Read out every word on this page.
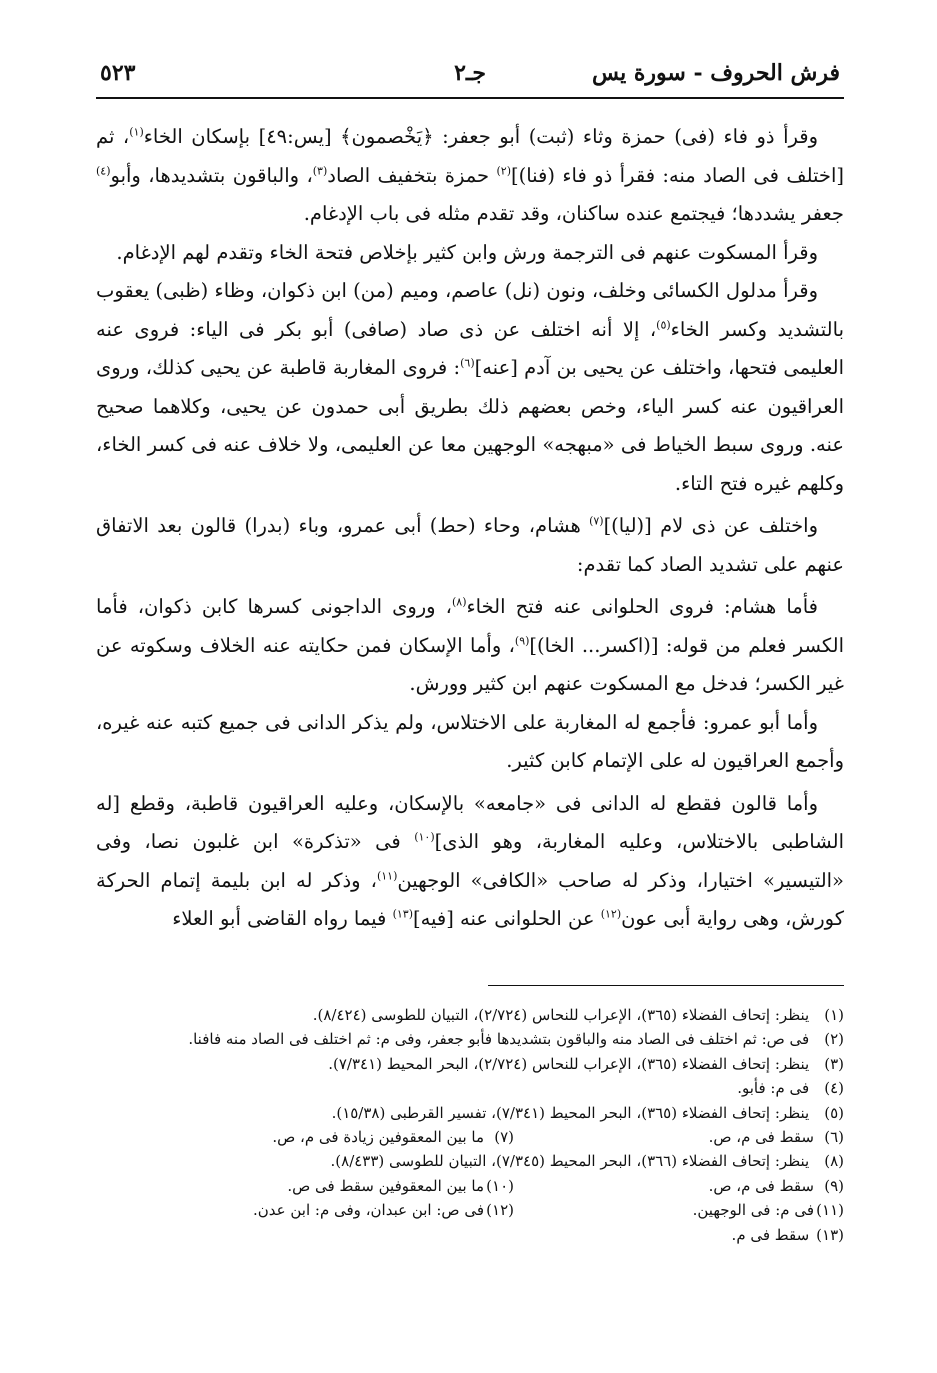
فرش الحروف - سورة يس
جـ٢
٥٢٣

وقرأ ذو فاء (فى) حمزة وثاء (ثبت) أبو جعفر: ﴿يَخْصمون﴾ [يس:٤٩] بإسكان الخاء$^{(١)}$، ثم [اختلف فى الصاد منه: فقرأ ذو فاء (فنا)]$^{(٢)}$ حمزة بتخفيف الصاد$^{(٣)}$، والباقون بتشديدها، وأبو$^{(٤)}$ جعفر يشددها؛ فيجتمع عنده ساكنان، وقد تقدم مثله فى باب الإدغام.

وقرأ المسكوت عنهم فى الترجمة ورش وابن كثير بإخلاص فتحة الخاء وتقدم لهم الإدغام.

وقرأ مدلول الكسائى وخلف، ونون (نل) عاصم، وميم (من) ابن ذكوان، وظاء (ظبى) يعقوب بالتشديد وكسر الخاء$^{(٥)}$، إلا أنه اختلف عن ذى صاد (صافى) أبو بكر فى الياء: فروى عنه العليمى فتحها، واختلف عن يحيى بن آدم [عنه]$^{(٦)}$: فروى المغاربة قاطبة عن يحيى كذلك، وروى العراقيون عنه كسر الياء، وخص بعضهم ذلك بطريق أبى حمدون عن يحيى، وكلاهما صحيح عنه. وروى سبط الخياط فى «مبهجه» الوجهين معا عن العليمى، ولا خلاف عنه فى كسر الخاء، وكلهم غيره فتح التاء.

واختلف عن ذى لام [(ليا)]$^{(٧)}$ هشام، وحاء (حط) أبى عمرو، وباء (بدرا) قالون بعد الاتفاق عنهم على تشديد الصاد كما تقدم:

فأما هشام: فروى الحلوانى عنه فتح الخاء$^{(٨)}$، وروى الداجونى كسرها كابن ذكوان، فأما الكسر فعلم من قوله: [(اكسر... الخا)]$^{(٩)}$، وأما الإسكان فمن حكايته عنه الخلاف وسكوته عن غير الكسر؛ فدخل مع المسكوت عنهم ابن كثير وورش.

وأما أبو عمرو: فأجمع له المغاربة على الاختلاس، ولم يذكر الدانى فى جميع كتبه عنه غيره، وأجمع العراقيون له على الإتمام كابن كثير.

وأما قالون فقطع له الدانى فى «جامعه» بالإسكان، وعليه العراقيون قاطبة، وقطع [له الشاطبى بالاختلاس، وعليه المغاربة، وهو الذى]$^{(١٠)}$ فى «تذكرة» ابن غلبون نصا، وفى «التيسير» اختيارا، وذكر له صاحب «الكافى» الوجهين$^{(١١)}$، وذكر له ابن بليمة إتمام الحركة كورش، وهى رواية أبى عون$^{(١٢)}$ عن الحلوانى عنه [فيه]$^{(١٣)}$ فيما رواه القاضى أبو العلاء

(١) ينظر: إتحاف الفضلاء (٣٦٥)، الإعراب للنحاس (٢/٧٢٤)، التبيان للطوسى (٨/٤٢٤).
(٢) فى ص: ثم اختلف فى الصاد منه والباقون بتشديدها فأبو جعفر، وفى م: ثم اختلف فى الصاد منه فافنا.
(٣) ينظر: إتحاف الفضلاء (٣٦٥)، الإعراب للنحاس (٢/٧٢٤)، البحر المحيط (٧/٣٤١).
(٤) فى م: فأبو.
(٥) ينظر: إتحاف الفضلاء (٣٦٥)، البحر المحيط (٧/٣٤١)، تفسير القرطبى (١٥/٣٨).
(٦)سقط فى م، ص.
(٧)ما بين المعقوفين زيادة فى م، ص.
(٨) ينظر: إتحاف الفضلاء (٣٦٦)، البحر المحيط (٧/٣٤٥)، التبيان للطوسى (٨/٤٣٣).
(٩)سقط فى م، ص.
(١٠)ما بين المعقوفين سقط فى ص.
(١١)فى م: فى الوجهين.
(١٢)فى ص: ابن عبدان، وفى م: ابن عدن.
(١٣) سقط فى م.
